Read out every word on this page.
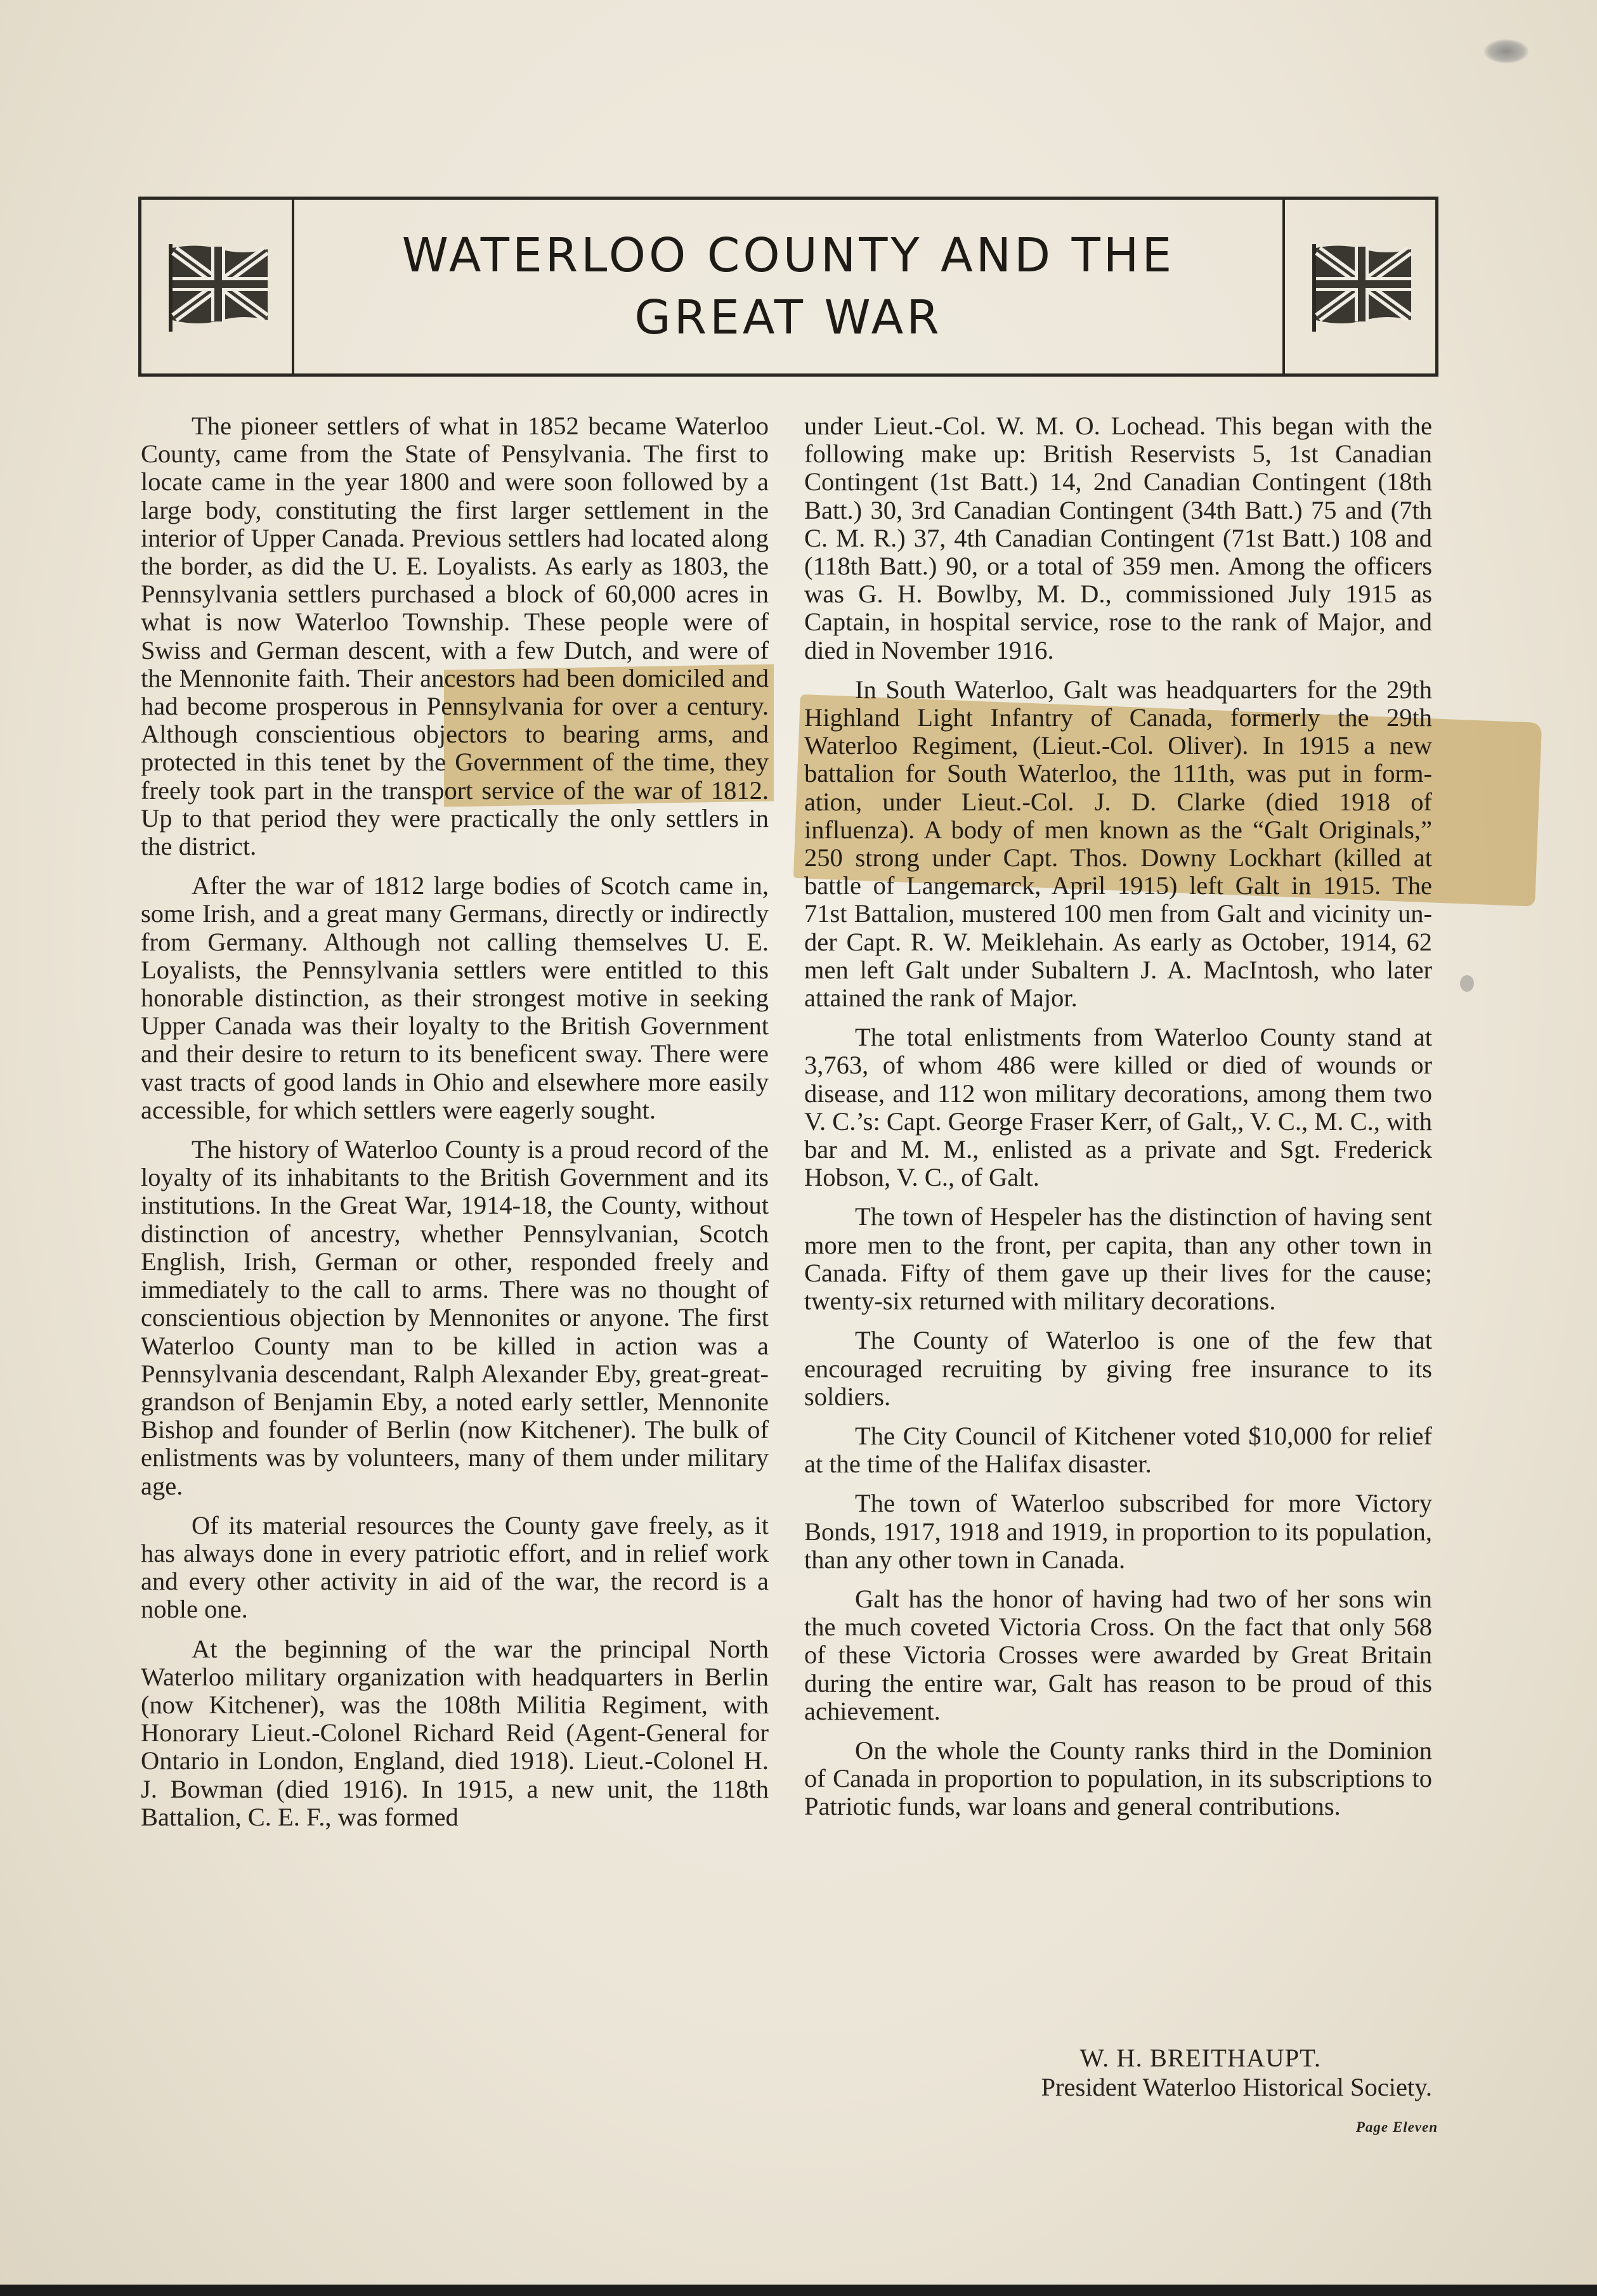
WATERLOO COUNTY AND THE
GREAT WAR

The pioneer settlers of what in 1852 became Waterloo County, came from the State of Pensylvania. The first to locate came in the year 1800 and were soon followed by a large body, constituting the first larger settlement in the interior of Upper Canada. Previous settlers had located along the border, as did the U. E. Loyalists. As early as 1803, the Pennsylvania settlers purchased a block of 60,000 acres in what is now Waterloo Township. These people were of Swiss and German descent, with a few Dutch, and were of the Mennonite faith. Their ancestors had been domiciled and had become prosperous in Pennsylvania for over a century. Although conscientious objectors to bearing arms, and protected in this tenet by the Government of the time, they freely took part in the transport service of the war of 1812. Up to that period they were practically the only settlers in the district.

After the war of 1812 large bodies of Scotch came in, some Irish, and a great many Germans, directly or indirectly from Germany. Although not calling themselves U. E. Loyalists, the Pennsylvania settlers were entitled to this honorable distinction, as their strongest motive in seeking Upper Canada was their loyalty to the British Government and their desire to return to its beneficent sway. There were vast tracts of good lands in Ohio and elsewhere more easily accessible, for which settlers were eagerly sought.

The history of Waterloo County is a proud record of the loyalty of its inhabitants to the British Government and its institutions. In the Great War, 1914-18, the County, without distinction of ancestry, whether Pennsylvanian, Scotch English, Irish, German or other, responded freely and immediately to the call to arms. There was no thought of conscientious objection by Mennonites or anyone. The first Waterloo County man to be killed in action was a Pennsylvania descendant, Ralph Alexander Eby, great-great-grandson of Benjamin Eby, a noted early settler, Mennonite Bishop and founder of Berlin (now Kitchener). The bulk of enlistments was by volunteers, many of them under military age.

Of its material resources the County gave freely, as it has always done in every patriotic effort, and in relief work and every other activity in aid of the war, the record is a noble one.

At the beginning of the war the principal North Waterloo military organization with headquarters in Berlin (now Kitchener), was the 108th Militia Regiment, with Honorary Lieut.-Colonel Richard Reid (Agent-General for Ontario in London, England, died 1918). Lieut.-Colonel H. J. Bowman (died 1916). In 1915, a new unit, the 118th Battalion, C. E. F., was formed

under Lieut.-Col. W. M. O. Lochead. This began with the following make up: British Reservists 5, 1st Canadian Contingent (1st Batt.) 14, 2nd Canadian Contingent (18th Batt.) 30, 3rd Canadian Contingent (34th Batt.) 75 and (7th C. M. R.) 37, 4th Canadian Contingent (71st Batt.) 108 and (118th Batt.) 90, or a total of 359 men. Among the officers was G. H. Bowlby, M. D., commissioned July 1915 as Captain, in hospital service, rose to the rank of Major, and died in November 1916.

In South Waterloo, Galt was headquarters for the 29th Highland Light Infantry of Canada, formerly the 29th Waterloo Regiment, (Lieut.-Col. Oliver). In 1915 a new battalion for South Waterloo, the 111th, was put in formation, under Lieut.-Col. J. D. Clarke (died 1918 of influenza). A body of men known as the “Galt Originals,” 250 strong under Capt. Thos. Downy Lockhart (killed at battle of Langemarck, April 1915) left Galt in 1915. The 71st Battalion, mustered 100 men from Galt and vicinity under Capt. R. W. Meiklehain. As early as October, 1914, 62 men left Galt under Subaltern J. A. MacIntosh, who later attained the rank of Major.

The total enlistments from Waterloo County stand at 3,763, of whom 486 were killed or died of wounds or disease, and 112 won military decorations, among them two V. C.’s: Capt. George Fraser Kerr, of Galt,, V. C., M. C., with bar and M. M., enlisted as a private and Sgt. Frederick Hobson, V. C., of Galt.

The town of Hespeler has the distinction of having sent more men to the front, per capita, than any other town in Canada. Fifty of them gave up their lives for the cause; twenty-six returned with military decorations.

The County of Waterloo is one of the few that encouraged recruiting by giving free insurance to its soldiers.

The City Council of Kitchener voted $10,000 for relief at the time of the Halifax disaster.

The town of Waterloo subscribed for more Victory Bonds, 1917, 1918 and 1919, in proportion to its population, than any other town in Canada.

Galt has the honor of having had two of her sons win the much coveted Victoria Cross. On the fact that only 568 of these Victoria Crosses were awarded by Great Britain during the entire war, Galt has reason to be proud of this achievement.

On the whole the County ranks third in the Dominion of Canada in proportion to population, in its subscriptions to Patriotic funds, war loans and general contributions.

W. H. BREITHAUPT.
President Waterloo Historical Society.
Page Eleven
